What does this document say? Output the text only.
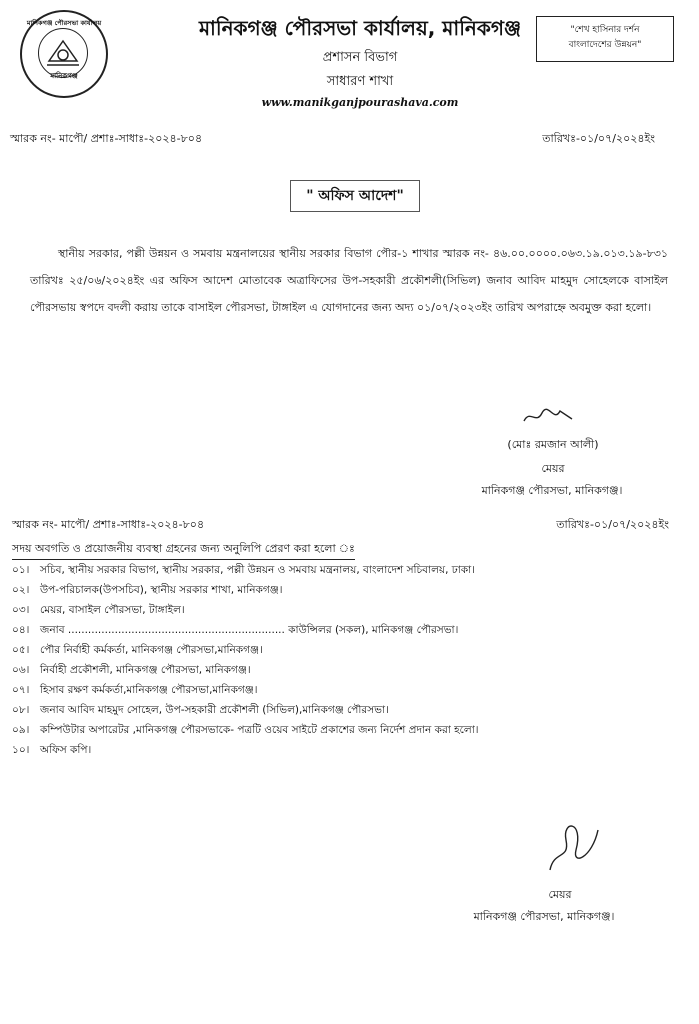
মানিকগঞ্জ পৌরসভা কার্যালয়
মানিকগঞ্জ
মানিকগঞ্জ পৌরসভা কার্যালয়, মানিকগঞ্জ
প্রশাসন বিভাগ
সাধারণ শাখা
www.manikganjpourashava.com
"শেখ হাসিনার দর্শন
বাংলাদেশের উন্নয়ন"
স্মারক নং- মাপৌ/ প্রশাঃ-সাধাঃ-২০২৪-৮০৪	তারিখঃ-০১/০৭/২০২৪ইং
" অফিস আদেশ"
স্থানীয় সরকার, পল্লী উন্নয়ন ও সমবায় মন্ত্রনালয়ের স্থানীয় সরকার বিভাগ পৌর-১ শাখার স্মারক নং- ৪৬.০০.০০০০.০৬৩.১৯.০১৩.১৯-৮৩১ তারিখঃ ২৫/০৬/২০২৪ইং এর অফিস আদেশ মোতাবেক অত্রাফিসের উপ-সহকারী প্রকৌশলী(সিভিল) জনাব আবিদ মাহমুদ সোহেলকে বাসাইল পৌরসভায় স্বপদে বদলী করায় তাকে বাসাইল পৌরসভা, টাঙ্গাইল এ যোগদানের জন্য অদ্য ০১/০৭/২০২৩ইং তারিখ অপরাহ্নে অবমুক্ত করা হলো।
(মোঃ রমজান আলী)
মেয়র
মানিকগঞ্জ পৌরসভা, মানিকগঞ্জ।
স্মারক নং- মাপৌ/ প্রশাঃ-সাধাঃ-২০২৪-৮০৪	তারিখঃ-০১/০৭/২০২৪ইং
সদয় অবগতি ও প্রয়োজনীয় ব্যবস্থা গ্রহনের জন্য অনুলিপি প্রেরণ করা হলো ঃ
০১।	সচিব, স্থানীয় সরকার বিভাগ, স্থানীয় সরকার, পল্লী উন্নয়ন ও সমবায় মন্ত্রনালয়, বাংলাদেশ সচিবালয়, ঢাকা।
০২।	উপ-পরিচালক(উপসচিব), স্থানীয় সরকার শাখা, মানিকগঞ্জ।
০৩।	মেয়র, বাসাইল পৌরসভা, টাঙ্গাইল।
০৪।	জনাব ................................................................. কাউন্সিলর (সকল), মানিকগঞ্জ পৌরসভা।
০৫।	পৌর নির্বাহী কর্মকর্তা, মানিকগঞ্জ পৌরসভা,মানিকগঞ্জ।
০৬।	নির্বাহী প্রকৌশলী, মানিকগঞ্জ পৌরসভা, মানিকগঞ্জ।
০৭।	হিসাব রক্ষণ কর্মকর্তা,মানিকগঞ্জ পৌরসভা,মানিকগঞ্জ।
০৮।	জনাব আবিদ মাহমুদ সোহেল, উপ-সহকারী প্রকৌশলী (সিভিল),মানিকগঞ্জ পৌরসভা।
০৯।	কম্পিউটার অপারেটর ,মানিকগঞ্জ পৌরসভাকে- পত্রটি ওয়েব সাইটে প্রকাশের জন্য নির্দেশ প্রদান করা হলো।
১০।	অফিস কপি।
মেয়র
মানিকগঞ্জ পৌরসভা, মানিকগঞ্জ।
